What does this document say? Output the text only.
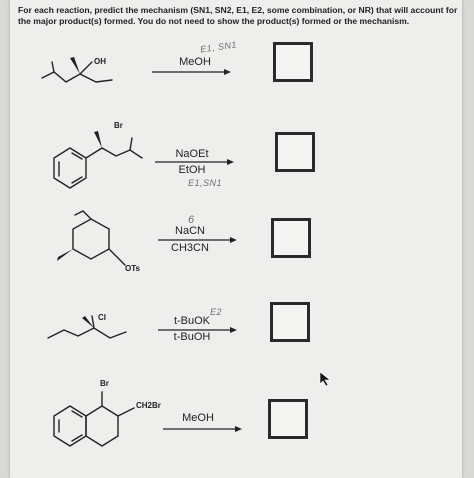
For each reaction, predict the mechanism (SN1, SN2, E1, E2, some combination, or NR) that will account for the major product(s) formed. You do not need to show the product(s) formed or the mechanism.
OH	MeOH
E1, SN1
Br
NaOEt
EtOH
E1,SN1
OTs
6
NaCN
CH3CN
Cl	t-BuOK
E2
t-BuOH
Br
CH2Br
MeOH
